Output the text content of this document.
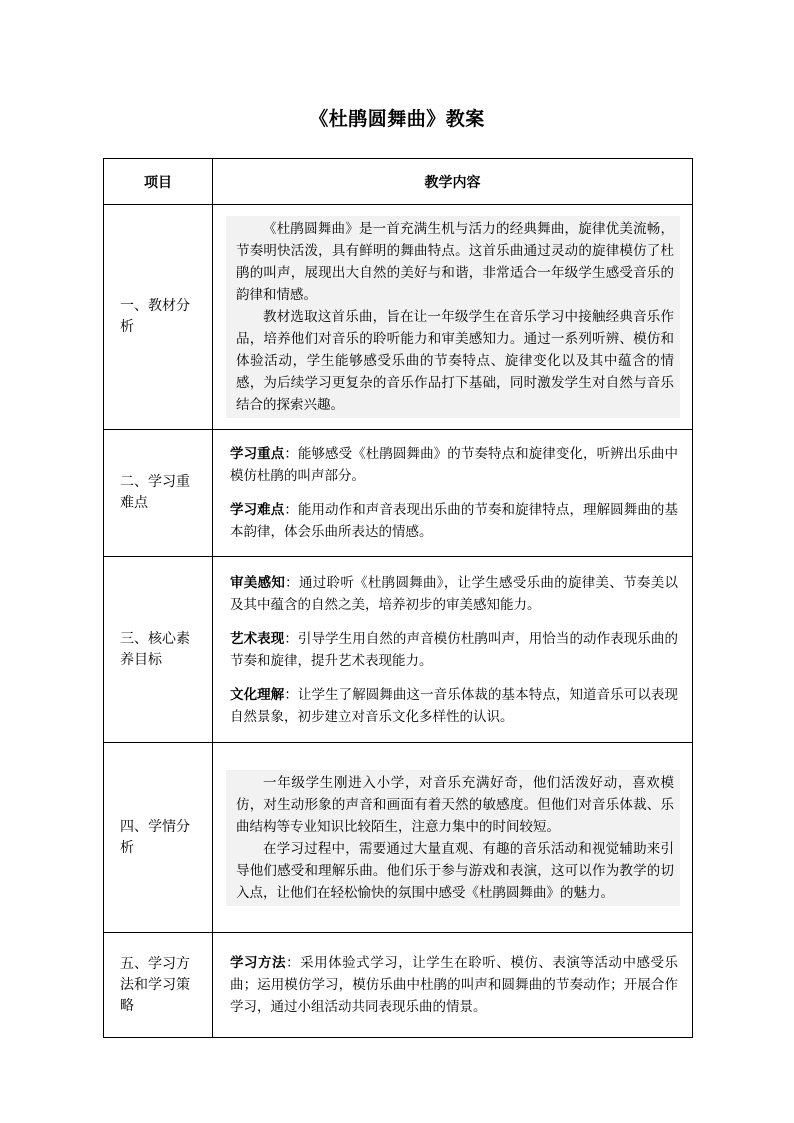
《杜鹃圆舞曲》教案
项目	教学内容
一、教材分析	《杜鹃圆舞曲》是一首充满生机与活力的经典舞曲，旋律优美流畅，节奏明快活泼，具有鲜明的舞曲特点。这首乐曲通过灵动的旋律模仿了杜鹃的叫声，展现出大自然的美好与和谐，非常适合一年级学生感受音乐的韵律和情感。

教材选取这首乐曲，旨在让一年级学生在音乐学习中接触经典音乐作品，培养他们对音乐的聆听能力和审美感知力。通过一系列听辨、模仿和体验活动，学生能够感受乐曲的节奏特点、旋律变化以及其中蕴含的情感，为后续学习更复杂的音乐作品打下基础，同时激发学生对自然与音乐结合的探索兴趣。

二、学习重难点	学习重点：能够感受《杜鹃圆舞曲》的节奏特点和旋律变化，听辨出乐曲中模仿杜鹃的叫声部分。

学习难点：能用动作和声音表现出乐曲的节奏和旋律特点，理解圆舞曲的基本韵律，体会乐曲所表达的情感。

三、核心素养目标	审美感知：通过聆听《杜鹃圆舞曲》，让学生感受乐曲的旋律美、节奏美以及其中蕴含的自然之美，培养初步的审美感知能力。

艺术表现：引导学生用自然的声音模仿杜鹃叫声，用恰当的动作表现乐曲的节奏和旋律，提升艺术表现能力。

文化理解：让学生了解圆舞曲这一音乐体裁的基本特点，知道音乐可以表现自然景象，初步建立对音乐文化多样性的认识。

四、学情分析	一年级学生刚进入小学，对音乐充满好奇，他们活泼好动，喜欢模仿，对生动形象的声音和画面有着天然的敏感度。但他们对音乐体裁、乐曲结构等专业知识比较陌生，注意力集中的时间较短。

在学习过程中，需要通过大量直观、有趣的音乐活动和视觉辅助来引导他们感受和理解乐曲。他们乐于参与游戏和表演，这可以作为教学的切入点，让他们在轻松愉快的氛围中感受《杜鹃圆舞曲》的魅力。

五、学习方法和学习策略	学习方法：采用体验式学习，让学生在聆听、模仿、表演等活动中感受乐曲；运用模仿学习，模仿乐曲中杜鹃的叫声和圆舞曲的节奏动作；开展合作学习，通过小组活动共同表现乐曲的情景。
